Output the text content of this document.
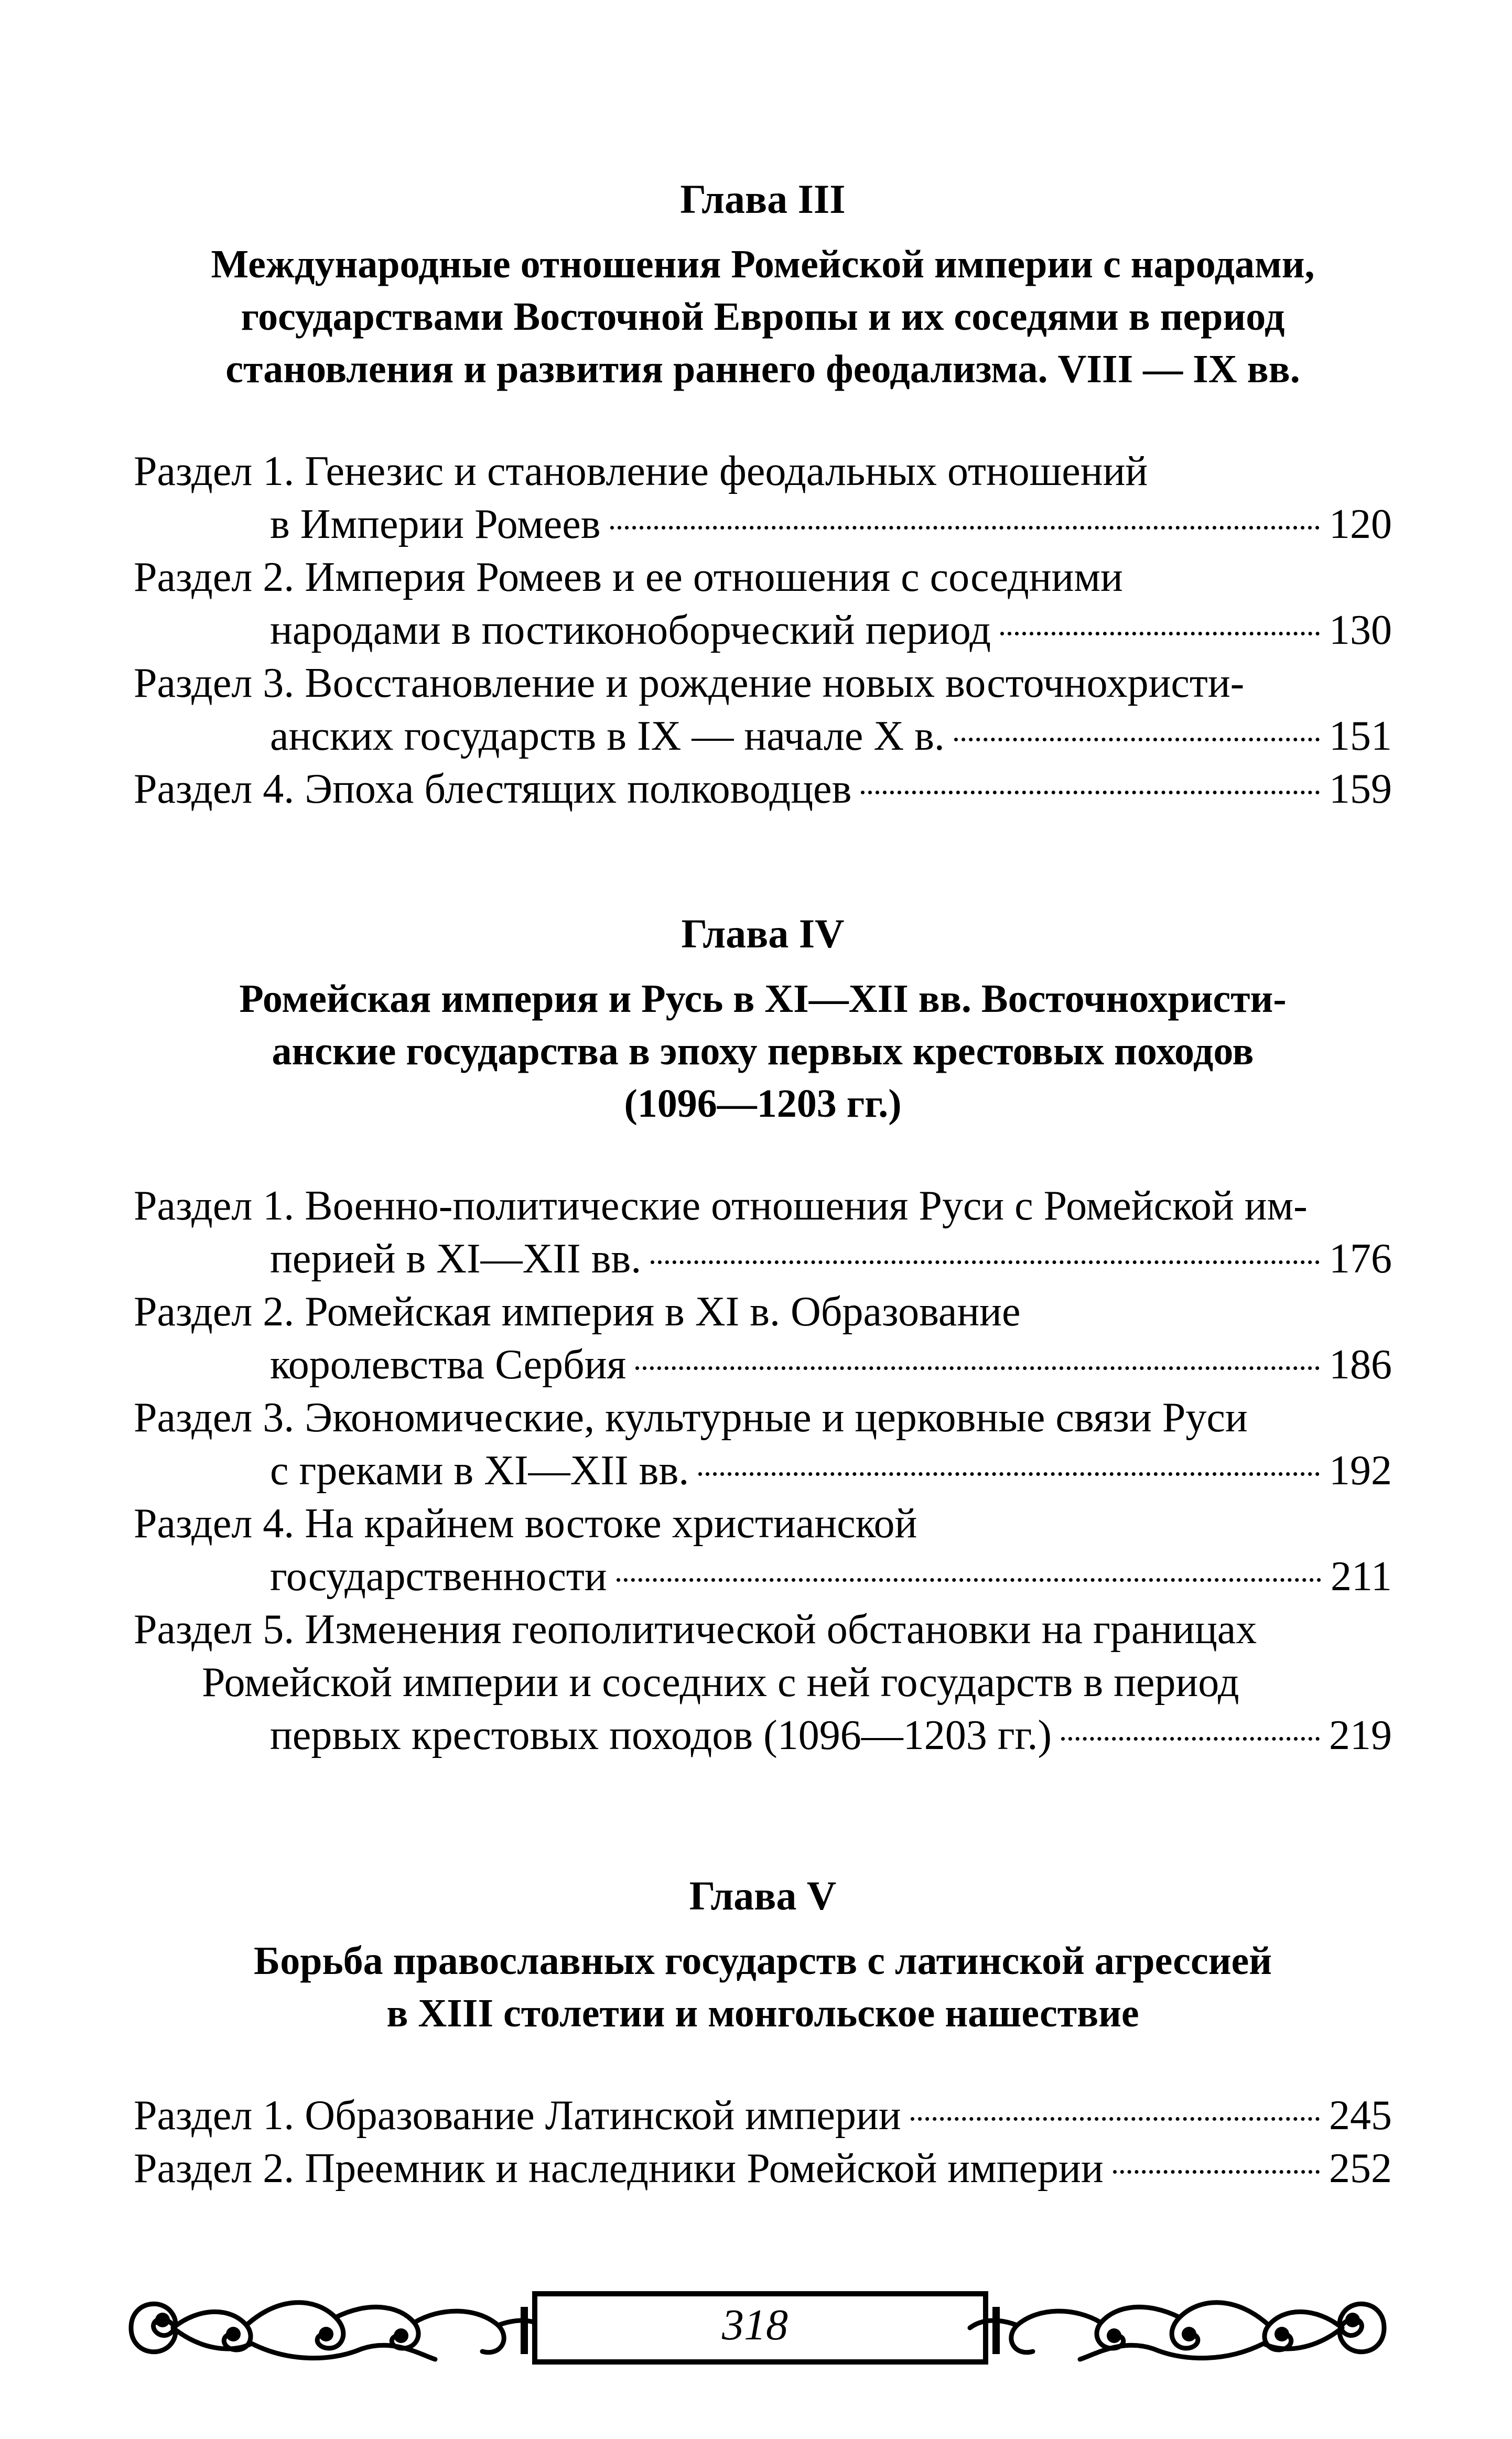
Глава III
Международные отношения Ромейской империи с народами,
государствами Восточной Европы и их соседями в период
становления и развития раннего феодализма. VIII — IX вв.
Раздел 1. Генезис и становление феодальных отношений
в Империи Ромеев	120
Раздел 2. Империя Ромеев и ее отношения с соседними
народами в постиконоборческий период	130
Раздел 3. Восстановление и рождение новых восточнохристи-
анских государств в IX — начале X в.	151
Раздел 4. Эпоха блестящих полководцев	159
Глава IV
Ромейская империя и Русь в XI—XII вв. Восточнохристи-
анские государства в эпоху первых крестовых походов
(1096—1203 гг.)
Раздел 1. Военно-политические отношения Руси с Ромейской им-
перией в XI—XII вв.	176
Раздел 2. Ромейская империя в XI в. Образование
королевства Сербия	186
Раздел 3. Экономические, культурные и церковные связи Руси
с греками в XI—XII вв.	192
Раздел 4. На крайнем востоке христианской
государственности	211
Раздел 5. Изменения геополитической обстановки на границах
Ромейской империи и соседних с ней государств в период
первых крестовых походов (1096—1203 гг.)	219
Глава V
Борьба православных государств с латинской агрессией
в XIII столетии и монгольское нашествие
Раздел 1. Образование Латинской империи	245
Раздел 2. Преемник и наследники Ромейской империи	252
318
